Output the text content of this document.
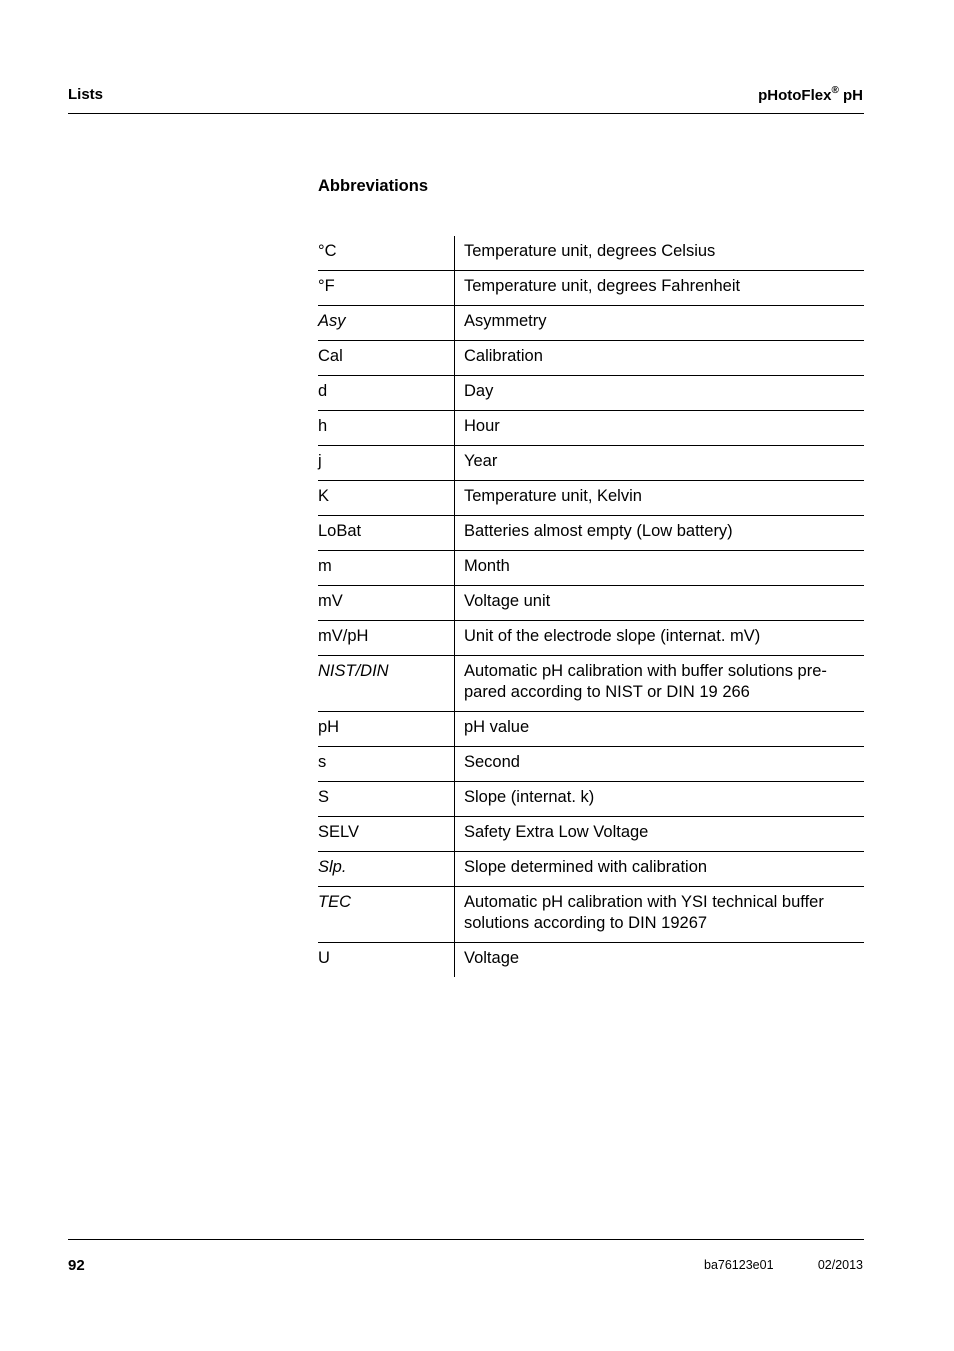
Lists	pHotoFlex® pH
Abbreviations
°C	Temperature unit, degrees Celsius

°F	Temperature unit, degrees Fahrenheit

Asy	Asymmetry

Cal	Calibration

d	Day

h	Hour

j	Year

K	Temperature unit, Kelvin

LoBat	Batteries almost empty (Low battery)

m	Month

mV	Voltage unit

mV/pH	Unit of the electrode slope (internat. mV)

NIST/DIN	Automatic pH calibration with buffer solutions pre-
pared according to NIST or DIN 19 266

pH	pH value

s	Second

S	Slope (internat. k)

SELV	Safety Extra Low Voltage

Slp.	Slope determined with calibration

TEC	Automatic pH calibration with YSI technical buffer
solutions according to DIN 19267

U	Voltage
92	ba76123e01	02/2013
